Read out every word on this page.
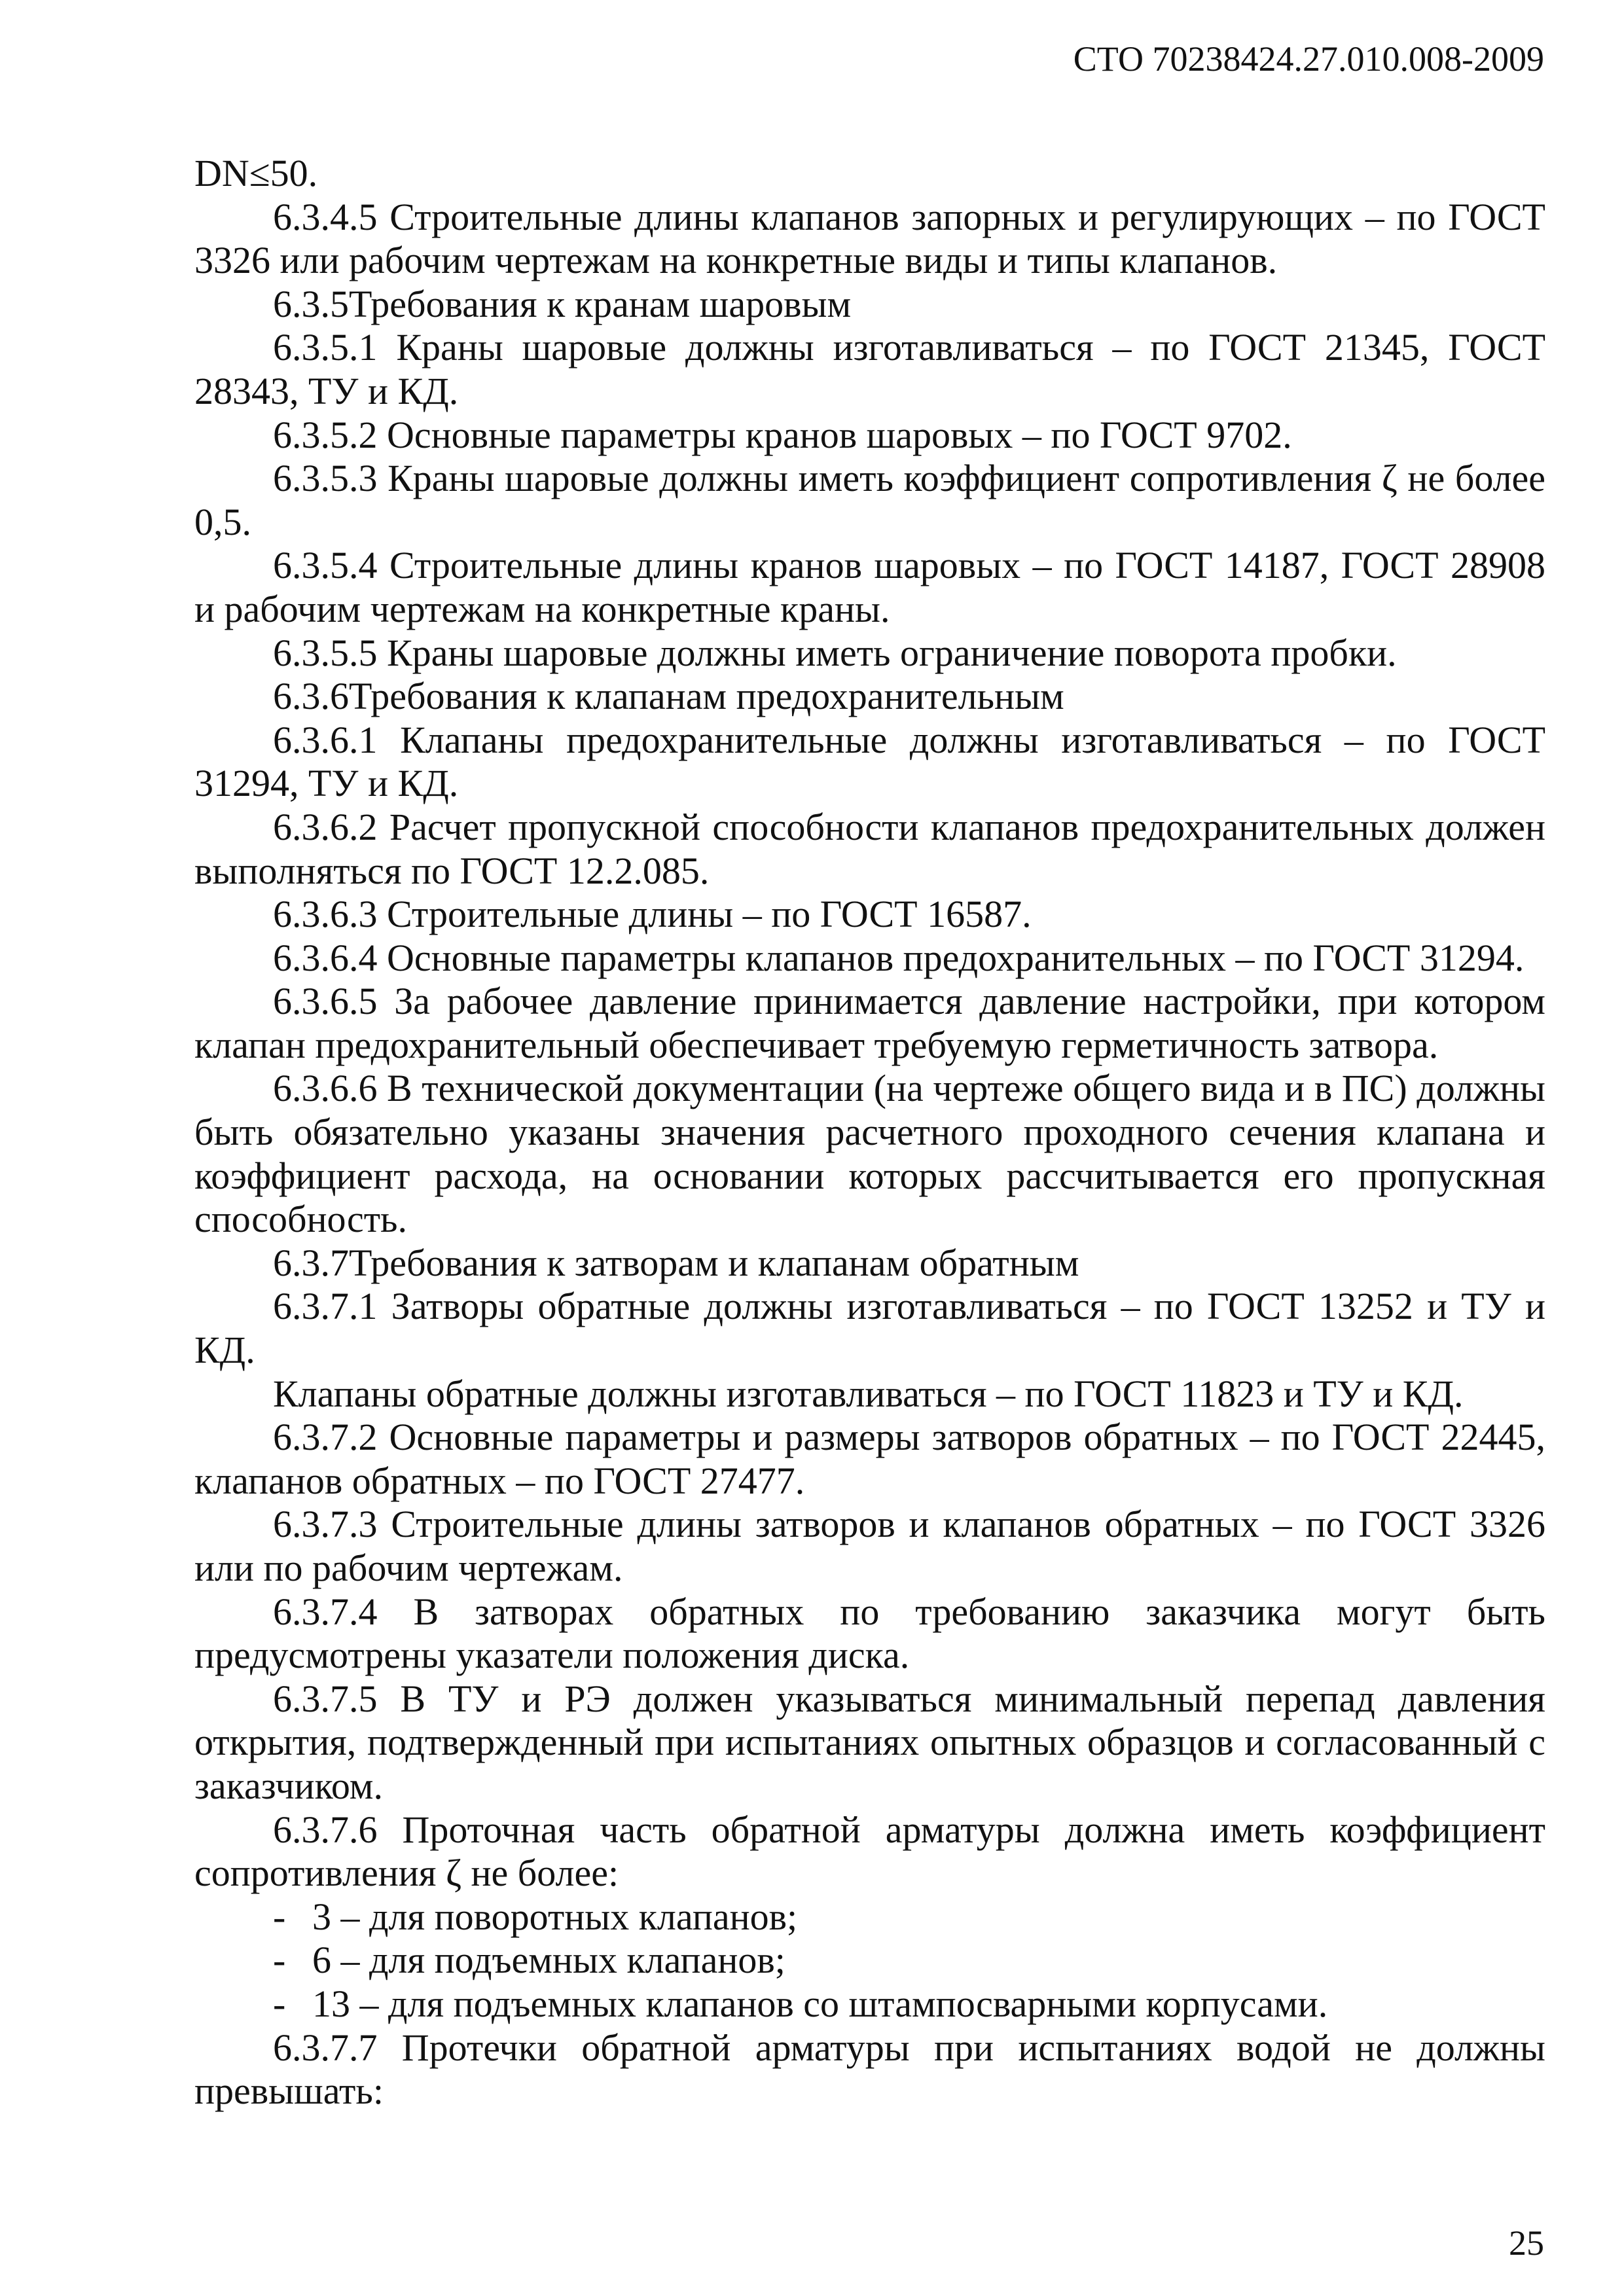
СТО 70238424.27.010.008-2009

DN≤50.

6.3.4.5 Строительные длины клапанов запорных и регулирующих – по ГОСТ 3326 или рабочим чертежам на конкретные виды и типы клапанов.

6.3.5Требования к кранам шаровым

6.3.5.1 Краны шаровые должны изготавливаться – по ГОСТ 21345, ГОСТ 28343, ТУ и КД.

6.3.5.2 Основные параметры кранов шаровых – по ГОСТ 9702.

6.3.5.3 Краны шаровые должны иметь коэффициент сопротивления ζ не более 0,5.

6.3.5.4 Строительные длины кранов шаровых – по ГОСТ 14187, ГОСТ 28908 и рабочим чертежам на конкретные краны.

6.3.5.5 Краны шаровые должны иметь ограничение поворота пробки.

6.3.6Требования к клапанам предохранительным

6.3.6.1 Клапаны предохранительные должны изготавливаться – по ГОСТ 31294, ТУ и КД.

6.3.6.2 Расчет пропускной способности клапанов предохранительных должен выполняться по ГОСТ 12.2.085.

6.3.6.3 Строительные длины – по ГОСТ 16587.

6.3.6.4 Основные параметры клапанов предохранительных – по ГОСТ 31294.

6.3.6.5 За рабочее давление принимается давление настройки, при котором клапан предохранительный обеспечивает требуемую герметичность затвора.

6.3.6.6 В технической документации (на чертеже общего вида и в ПС) должны быть обязательно указаны значения расчетного проходного сечения клапана и коэффициент расхода, на основании которых рассчитывается его пропускная способность.

6.3.7Требования к затворам и клапанам обратным

6.3.7.1 Затворы обратные должны изготавливаться – по ГОСТ 13252 и ТУ и КД.

Клапаны обратные должны изготавливаться – по ГОСТ 11823 и ТУ и КД.

6.3.7.2 Основные параметры и размеры затворов обратных – по ГОСТ 22445, клапанов обратных – по ГОСТ 27477.

6.3.7.3 Строительные длины затворов и клапанов обратных – по ГОСТ 3326 или по рабочим чертежам.

6.3.7.4 В затворах обратных по требованию заказчика могут быть предусмотрены указатели положения диска.

6.3.7.5 В ТУ и РЭ должен указываться минимальный перепад давления открытия, подтвержденный при испытаниях опытных образцов и согласованный с заказчиком.

6.3.7.6 Проточная часть обратной арматуры должна иметь коэффициент сопротивления ζ не более:

- 3 – для поворотных клапанов;

- 6 – для подъемных клапанов;

- 13 – для подъемных клапанов со штампосварными корпусами.

6.3.7.7 Протечки обратной арматуры при испытаниях водой не должны превышать:

25
